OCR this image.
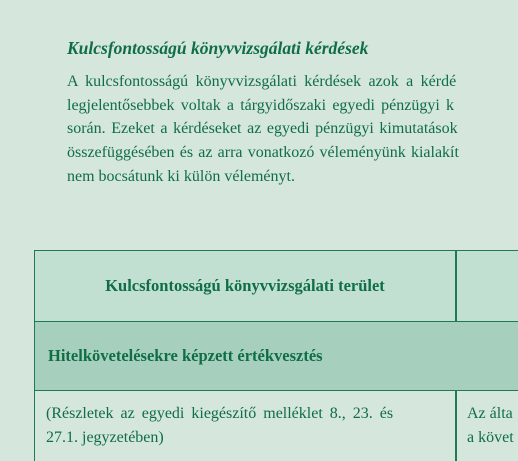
Kulcsfontosságú könyvvizsgálati kérdések

A kulcsfontosságú könyvvizsgálati kérdések azok a kérdé
legjelentősebbek voltak a tárgyidőszaki egyedi pénzügyi k
során. Ezeket a kérdéseket az egyedi pénzügyi kimutatások
összefüggésében és az arra vonatkozó véleményünk kialakít
nem bocsátunk ki külön véleményt.

Kulcsfontosságú könyvvizsgálati terület
Hitelkövetelésekre képzett értékvesztés

(Részletek az egyedi kiegészítő melléklet 8., 23. és
27.1. jegyzetében)

Az álta
a követ
